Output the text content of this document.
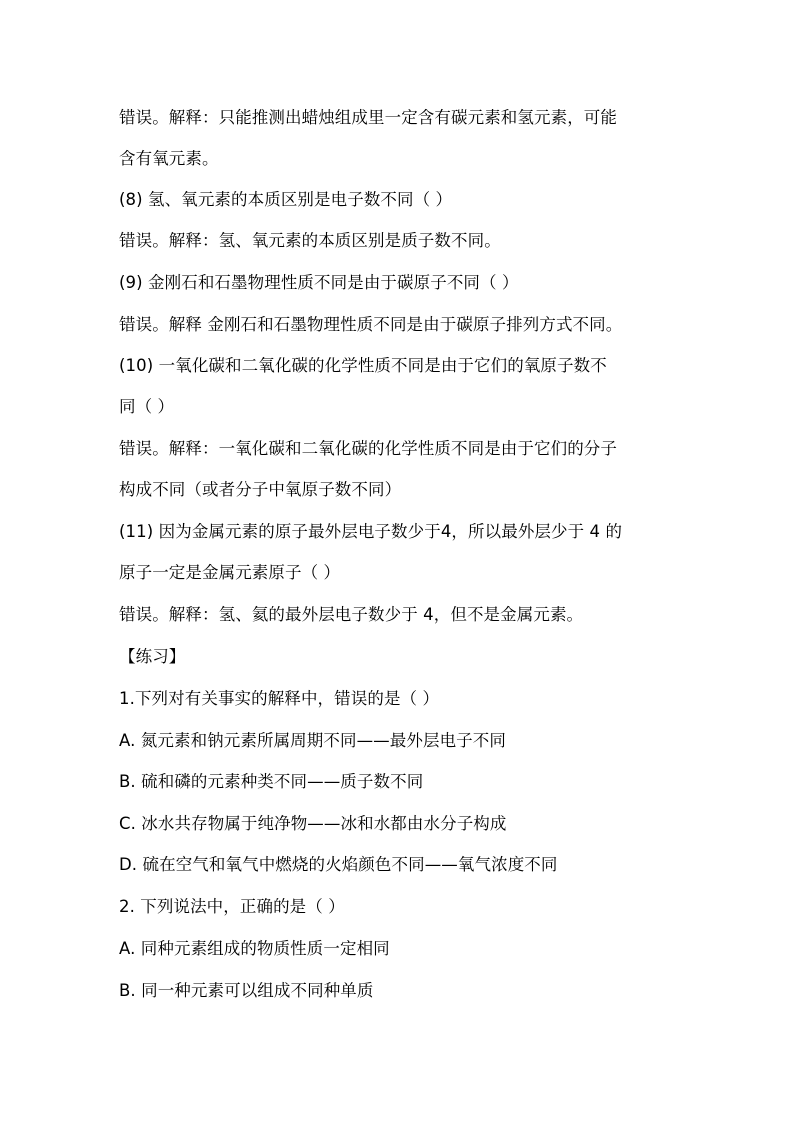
错误。解释：只能推测出蜡烛组成里一定含有碳元素和氢元素，可能
含有氧元素。
(8) 氢、氧元素的本质区别是电子数不同（ ）
错误。解释：氢、氧元素的本质区别是质子数不同。
(9) 金刚石和石墨物理性质不同是由于碳原子不同（ ）
错误。解释 金刚石和石墨物理性质不同是由于碳原子排列方式不同。
(10) 一氧化碳和二氧化碳的化学性质不同是由于它们的氧原子数不
同（ ）
错误。解释：一氧化碳和二氧化碳的化学性质不同是由于它们的分子
构成不同（或者分子中氧原子数不同）
(11) 因为金属元素的原子最外层电子数少于4，所以最外层少于 4 的
原子一定是金属元素原子（ ）
错误。解释：氢、氦的最外层电子数少于 4，但不是金属元素。
【练习】
1.下列对有关事实的解释中，错误的是（ ）
A. 氮元素和钠元素所属周期不同——最外层电子不同
B. 硫和磷的元素种类不同——质子数不同
C. 冰水共存物属于纯净物——冰和水都由水分子构成
D. 硫在空气和氧气中燃烧的火焰颜色不同——氧气浓度不同
2. 下列说法中，正确的是（ ）
A. 同种元素组成的物质性质一定相同
B. 同一种元素可以组成不同种单质
